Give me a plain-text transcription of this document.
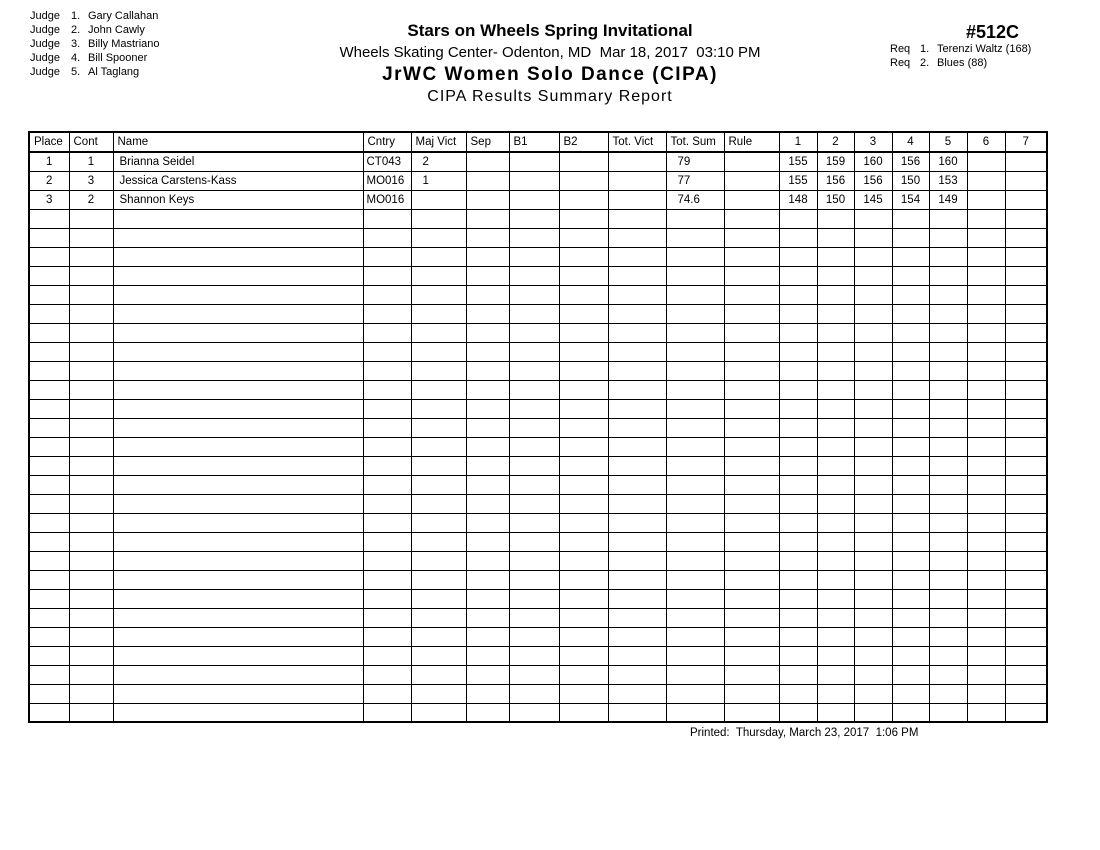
Judge	1. Gary Callahan
Judge	2. John Cawly
Judge	3. Billy Mastriano
Judge	4. Bill Spooner
Judge	5. Al Taglang
Stars on Wheels Spring Invitational
Wheels Skating Center- Odenton, MD  Mar 18, 2017  03:10 PM
JrWC Women Solo Dance (CIPA)
CIPA Results Summary Report
#512C
Req 1. Terenzi Waltz (168)
Req 2. Blues (88)
Place	Cont	Name	Cntry	Maj Vict	Sep	B1	B2	Tot. Vict	Tot. Sum	Rule	1	2	3	4	5	6	7
1	1	Brianna Seidel	CT043	2					79		155	159	160	156	160		
2	3	Jessica Carstens-Kass	MO016	1					77		155	156	156	150	153		
3	2	Shannon Keys	MO016						74.6		148	150	145	154	149		

Printed:  Thursday, March 23, 2017  1:06 PM
